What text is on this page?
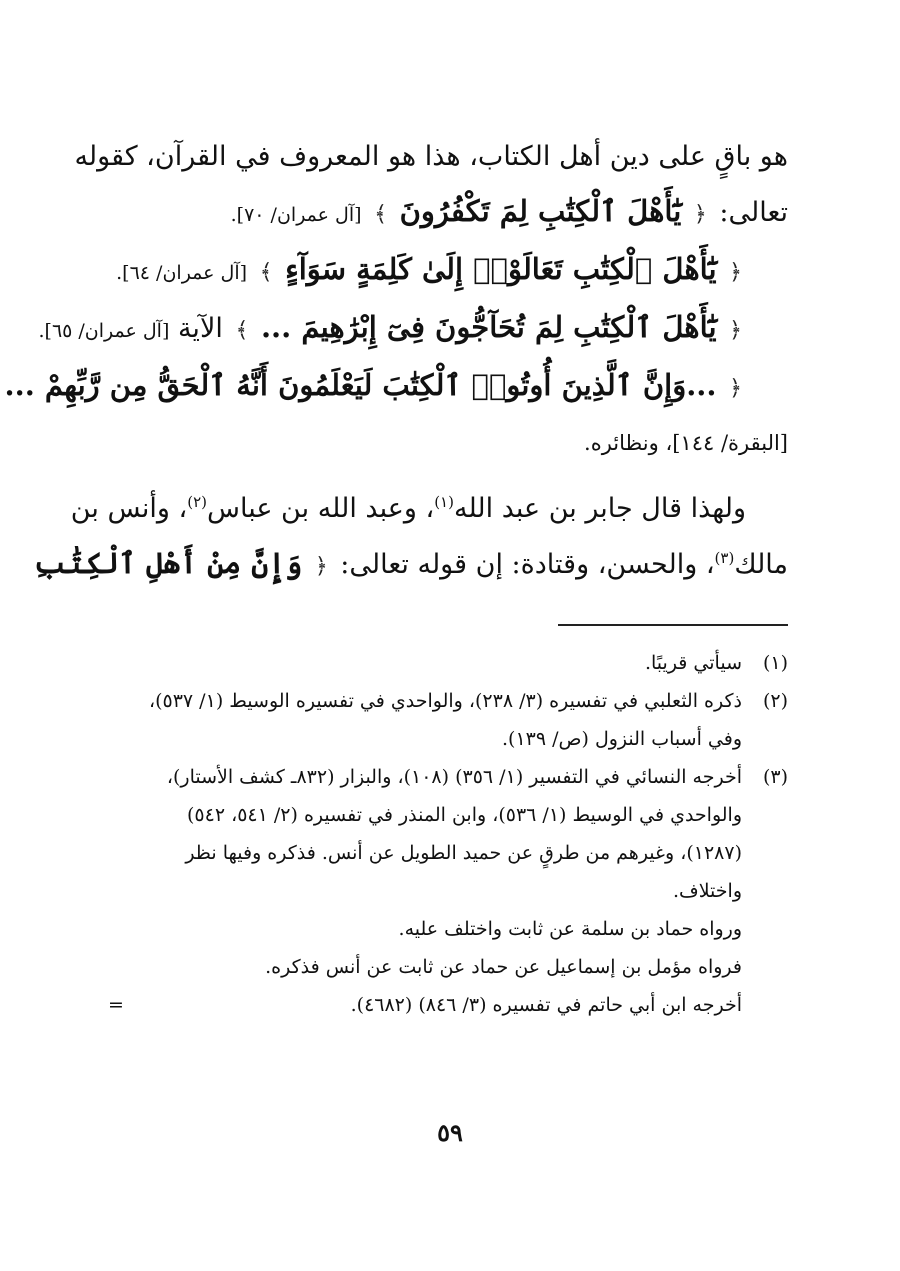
هو باقٍ على دين أهل الكتاب، هذا هو المعروف في القرآن، كقوله
تعالى: ﴿ يَٰٓأَهْلَ ٱلْكِتَٰبِ لِمَ تَكْفُرُونَ ﴾ [آل عمران/ ٧٠].
﴿ يَٰٓأَهْلَ ٱلْكِتَٰبِ تَعَالَوْا۟ إِلَىٰ كَلِمَةٍ سَوَآءٍ ﴾ [آل عمران/ ٦٤].
﴿ يَٰٓأَهْلَ ٱلْكِتَٰبِ لِمَ تُحَآجُّونَ فِىٓ إِبْرَٰهِيمَ ... ﴾ الآية [آل عمران/ ٦٥].
﴿ ...وَإِنَّ ٱلَّذِينَ أُوتُوا۟ ٱلْكِتَٰبَ لَيَعْلَمُونَ أَنَّهُ ٱلْحَقُّ مِن رَّبِّهِمْ ...
[البقرة/ ١٤٤]، ونظائره.
ولهذا قال جابر بن عبد الله$^{(١)}$، وعبد الله بن عباس$^{(٢)}$، وأنس بن
مالك$^{(٣)}$، والحسن، وقتادة: إن قوله تعالى: ﴿ وَإِنَّ مِنْ أَهْلِ ٱلْكِتَٰبِ
(١)
سيأتي قريبًا.
(٢)
ذكره الثعلبي في تفسيره (٣/ ٢٣٨)، والواحدي في تفسيره الوسيط (١/ ٥٣٧)،
وفي أسباب النزول (ص/ ١٣٩).
(٣)
أخرجه النسائي في التفسير (١/ ٣٥٦) (١٠٨)، والبزار (٨٣٢ـ كشف الأستار)،
والواحدي في الوسيط (١/ ٥٣٦)، وابن المنذر في تفسيره (٢/ ٥٤١، ٥٤٢)
(١٢٨٧)، وغيرهم من طرقٍ عن حميد الطويل عن أنس. فذكره وفيها نظر
واختلاف.
ورواه حماد بن سلمة عن ثابت واختلف عليه.
فرواه مؤمل بن إسماعيل عن حماد عن ثابت عن أنس فذكره.
أخرجه ابن أبي حاتم في تفسيره (٣/ ٨٤٦) (٤٦٨٢).
=
٥٩
